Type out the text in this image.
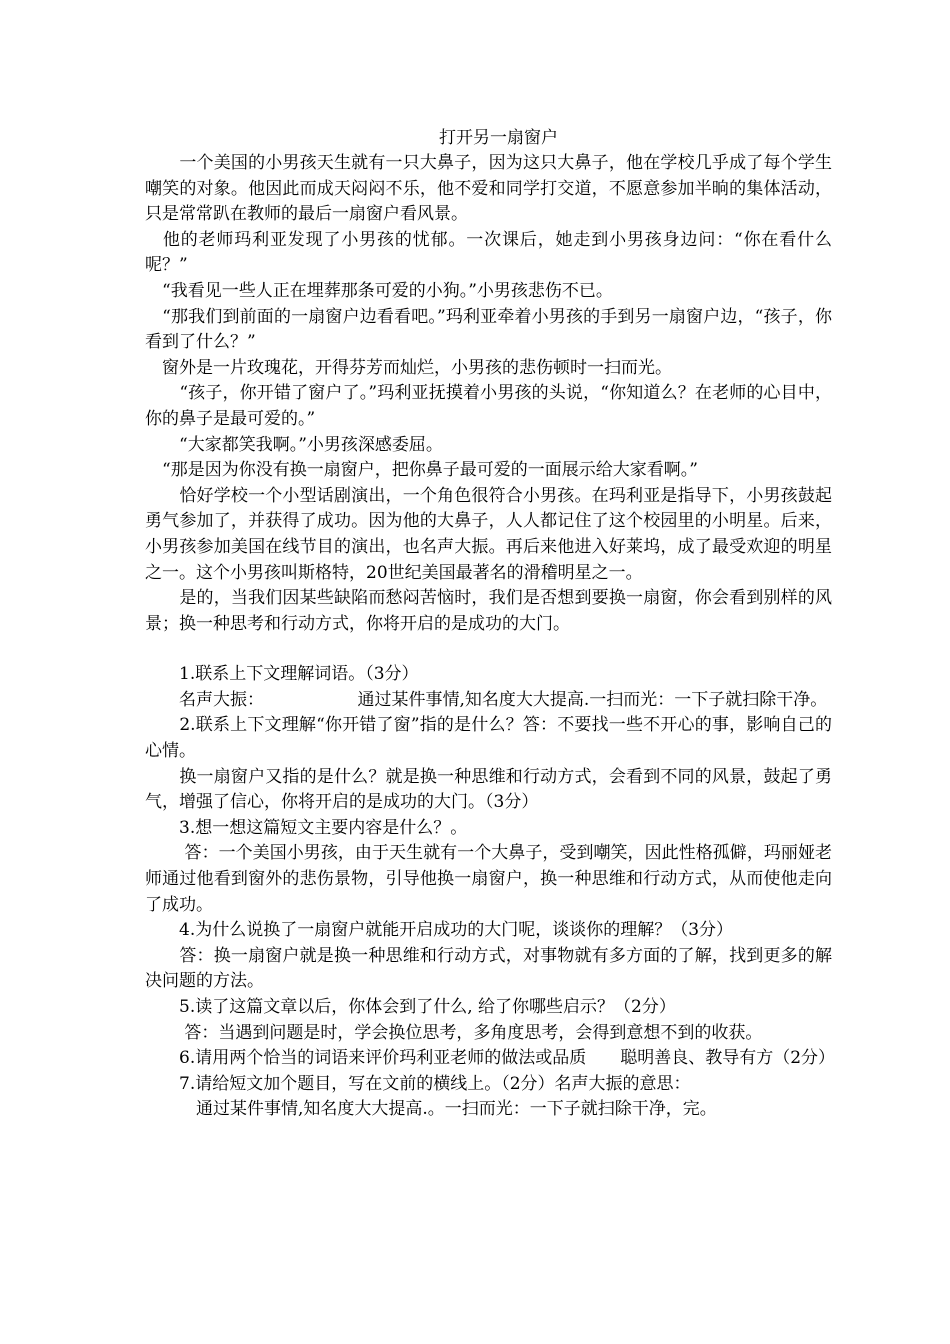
打开另一扇窗户

　　一个美国的小男孩天生就有一只大鼻子，因为这只大鼻子，他在学校几乎成了每个学生嘲笑的对象。他因此而成天闷闷不乐，他不爱和同学打交道，不愿意参加半晌的集体活动，只是常常趴在教师的最后一扇窗户看风景。

　他的老师玛利亚发现了小男孩的忧郁。一次课后，她走到小男孩身边问：“你在看什么呢？”

　“我看见一些人正在埋葬那条可爱的小狗。”小男孩悲伤不已。

　“那我们到前面的一扇窗户边看看吧。”玛利亚牵着小男孩的手到另一扇窗户边，“孩子，你看到了什么？”

　窗外是一片玫瑰花，开得芬芳而灿烂，小男孩的悲伤顿时一扫而光。

　　“孩子，你开错了窗户了。”玛利亚抚摸着小男孩的头说，“你知道么？在老师的心目中，你的鼻子是最可爱的。”

　　“大家都笑我啊。”小男孩深感委屈。

　“那是因为你没有换一扇窗户，把你鼻子最可爱的一面展示给大家看啊。”

　　恰好学校一个小型话剧演出，一个角色很符合小男孩。在玛利亚是指导下，小男孩鼓起勇气参加了，并获得了成功。因为他的大鼻子，人人都记住了这个校园里的小明星。后来，小男孩参加美国在线节目的演出，也名声大振。再后来他进入好莱坞，成了最受欢迎的明星之一。这个小男孩叫斯格特，20世纪美国最著名的滑稽明星之一。

　　是的，当我们因某些缺陷而愁闷苦恼时，我们是否想到要换一扇窗，你会看到别样的风景；换一种思考和行动方式，你将开启的是成功的大门。

　　1.联系上下文理解词语。（3分）

　　名声大振：　　　　　　通过某件事情,知名度大大提高.一扫而光：一下子就扫除干净。

　　2.联系上下文理解“你开错了窗”指的是什么？答：不要找一些不开心的事，影响自己的心情。

　　换一扇窗户又指的是什么？就是换一种思维和行动方式，会看到不同的风景，鼓起了勇气，增强了信心，你将开启的是成功的大门。（3分）

　　3.想一想这篇短文主要内容是什么？。

　　 答：一个美国小男孩，由于天生就有一个大鼻子，受到嘲笑，因此性格孤僻，玛丽娅老师通过他看到窗外的悲伤景物，引导他换一扇窗户，换一种思维和行动方式，从而使他走向了成功。

　　4.为什么说换了一扇窗户就能开启成功的大门呢，谈谈你的理解？（3分）

　　答：换一扇窗户就是换一种思维和行动方式，对事物就有多方面的了解，找到更多的解决问题的方法。

　　5.读了这篇文章以后，你体会到了什么, 给了你哪些启示？（2分）

　　 答：当遇到问题是时，学会换位思考，多角度思考，会得到意想不到的收获。

　　6.请用两个恰当的词语来评价玛利亚老师的做法或品质　　聪明善良、教导有方（2分）

　　7.请给短文加个题目，写在文前的横线上。（2分）名声大振的意思：

　　　通过某件事情,知名度大大提高.。一扫而光：一下子就扫除干净，完。
